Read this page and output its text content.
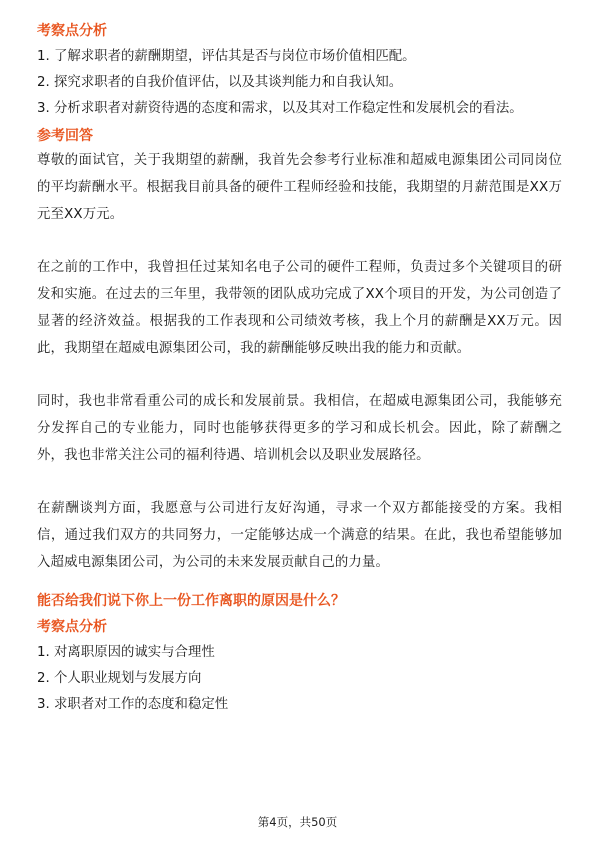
考察点分析
1. 了解求职者的薪酬期望，评估其是否与岗位市场价值相匹配。
2. 探究求职者的自我价值评估，以及其谈判能力和自我认知。
3. 分析求职者对薪资待遇的态度和需求，以及其对工作稳定性和发展机会的看法。
参考回答

尊敬的面试官，关于我期望的薪酬，我首先会参考行业标准和超威电源集团公司同岗位的平均薪酬水平。根据我目前具备的硬件工程师经验和技能，我期望的月薪范围是XX万元至XX万元。

在之前的工作中，我曾担任过某知名电子公司的硬件工程师，负责过多个关键项目的研发和实施。在过去的三年里，我带领的团队成功完成了XX个项目的开发，为公司创造了显著的经济效益。根据我的工作表现和公司绩效考核，我上个月的薪酬是XX万元。因此，我期望在超威电源集团公司，我的薪酬能够反映出我的能力和贡献。

同时，我也非常看重公司的成长和发展前景。我相信，在超威电源集团公司，我能够充分发挥自己的专业能力，同时也能够获得更多的学习和成长机会。因此，除了薪酬之外，我也非常关注公司的福利待遇、培训机会以及职业发展路径。

在薪酬谈判方面，我愿意与公司进行友好沟通，寻求一个双方都能接受的方案。我相信，通过我们双方的共同努力，一定能够达成一个满意的结果。在此，我也希望能够加入超威电源集团公司，为公司的未来发展贡献自己的力量。

能否给我们说下你上一份工作离职的原因是什么？
考察点分析
1. 对离职原因的诚实与合理性
2. 个人职业规划与发展方向
3. 求职者对工作的态度和稳定性
第4页，共50页
